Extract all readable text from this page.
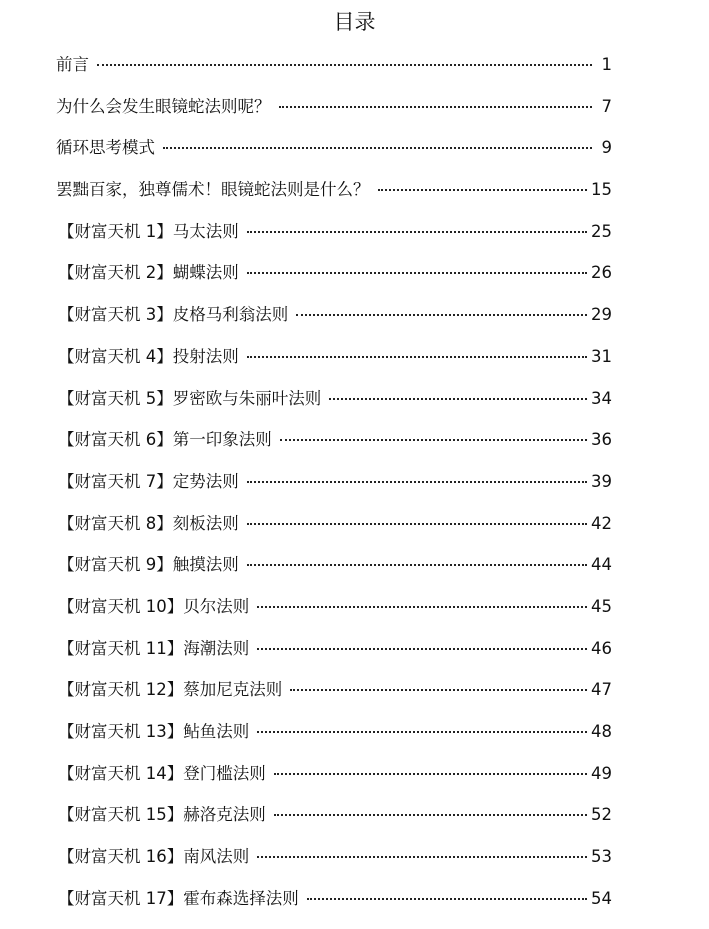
目录
前言	1
为什么会发生眼镜蛇法则呢？	7
循环思考模式	9
罢黜百家，独尊儒术！眼镜蛇法则是什么？	15
【财富天机 1】马太法则	25
【财富天机 2】蝴蝶法则	26
【财富天机 3】皮格马利翁法则	29
【财富天机 4】投射法则	31
【财富天机 5】罗密欧与朱丽叶法则	34
【财富天机 6】第一印象法则	36
【财富天机 7】定势法则	39
【财富天机 8】刻板法则	42
【财富天机 9】触摸法则	44
【财富天机 10】贝尔法则	45
【财富天机 11】海潮法则	46
【财富天机 12】蔡加尼克法则	47
【财富天机 13】鲇鱼法则	48
【财富天机 14】登门槛法则	49
【财富天机 15】赫洛克法则	52
【财富天机 16】南风法则	53
【财富天机 17】霍布森选择法则	54
